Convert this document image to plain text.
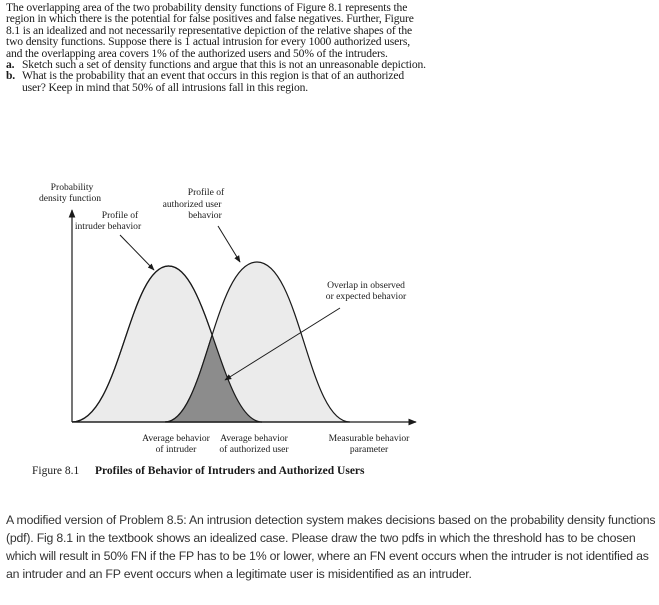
The overlapping area of the two probability density functions of Figure 8.1 represents the region in which there is the potential for false positives and false negatives. Further, Figure 8.1 is an idealized and not necessarily representative depiction of the relative shapes of the two density functions. Suppose there is 1 actual intrusion for every 1000 authorized users, and the overlapping area covers 1% of the authorized users and 50% of the intruders.

a. Sketch such a set of density functions and argue that this is not an unreasonable depiction.
b. What is the probability that an event that occurs in this region is that of an authorized user? Keep in mind that 50% of all intrusions fall in this region.
Probability
density function
Profile of
intruder behavior
Profile of
authorized user
behavior
Overlap in observed
or expected behavior
Average behavior
of intruder
Average behavior
of authorized user
Measurable behavior
parameter
Figure 8.1 Profiles of Behavior of Intruders and Authorized Users
A modified version of Problem 8.5: An intrusion detection system makes decisions based on the probability density functions (pdf). Fig 8.1 in the textbook shows an idealized case. Please draw the two pdfs in which the threshold has to be chosen which will result in 50% FN if the FP has to be 1% or lower, where an FN event occurs when the intruder is not identified as an intruder and an FP event occurs when a legitimate user is misidentified as an intruder.
